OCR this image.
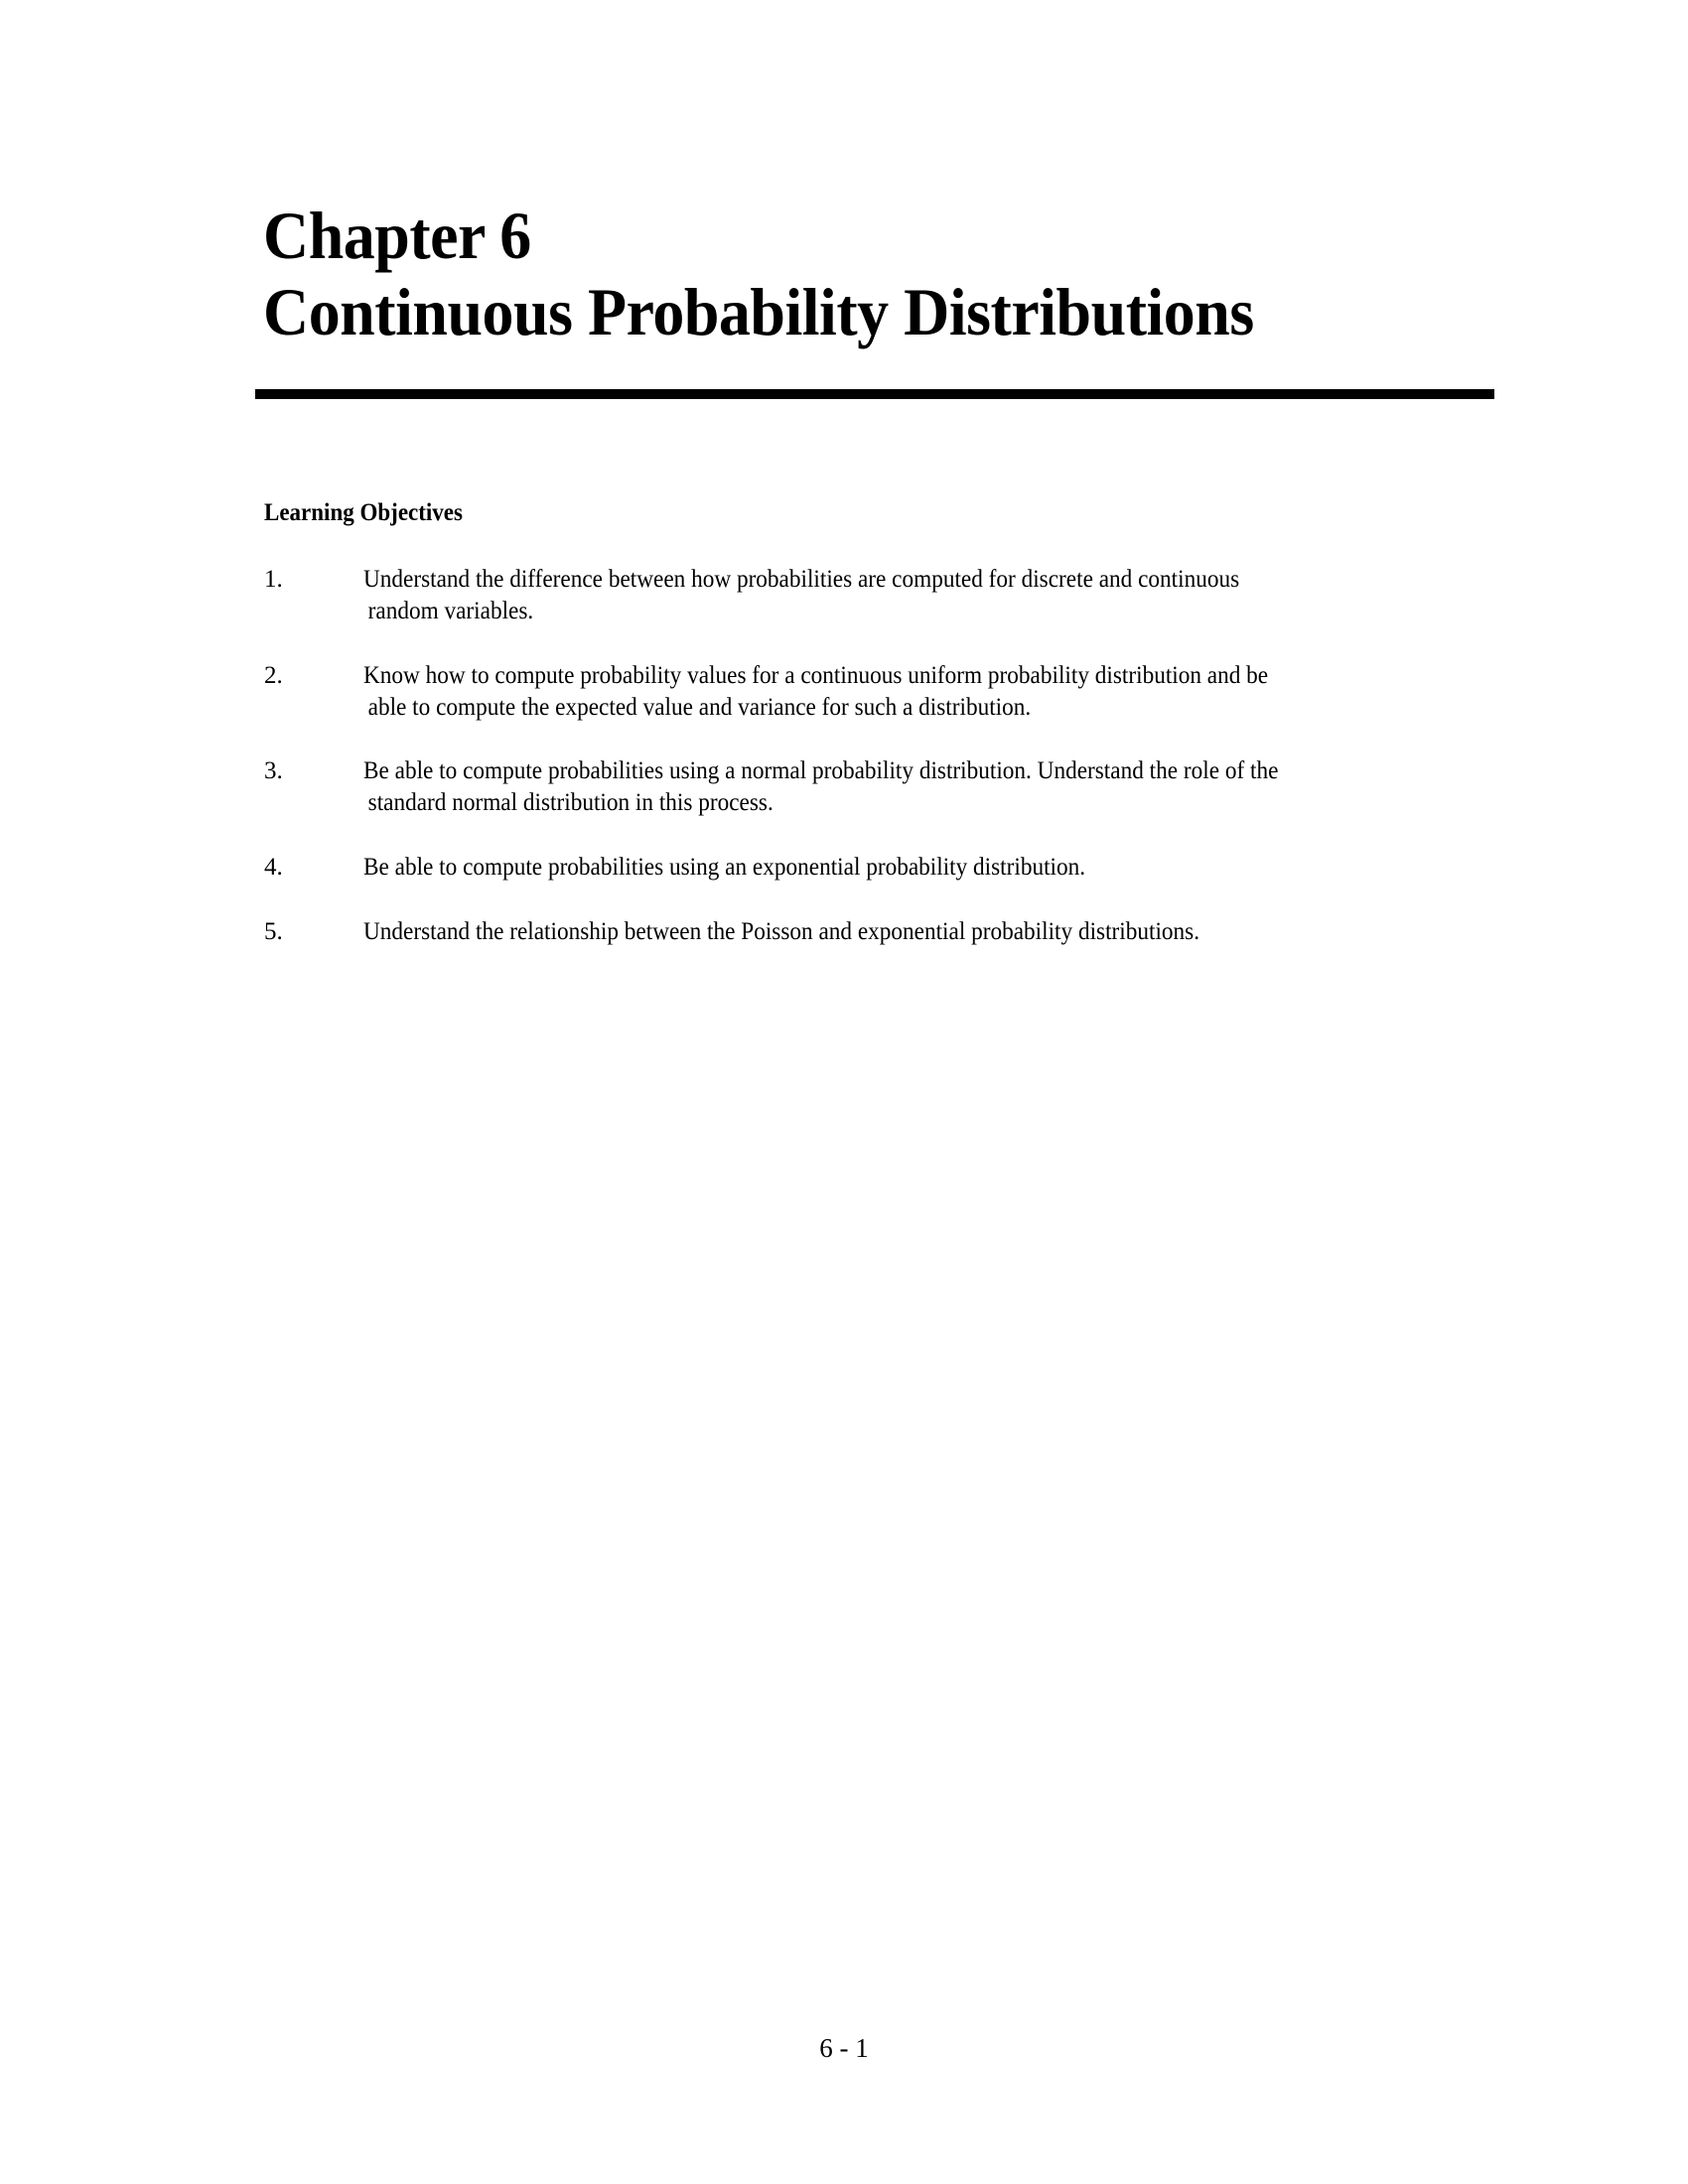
Chapter 6
Continuous Probability Distributions
Learning Objectives
1.	Understand the difference between how probabilities are computed for discrete and continuous
random variables.
2.	Know how to compute probability values for a continuous uniform probability distribution and be
able to compute the expected value and variance for such a distribution.
3.	Be able to compute probabilities using a normal probability distribution. Understand the role of the
standard normal distribution in this process.
4.	Be able to compute probabilities using an exponential probability distribution.
5.	Understand the relationship between the Poisson and exponential probability distributions.
6 - 1
